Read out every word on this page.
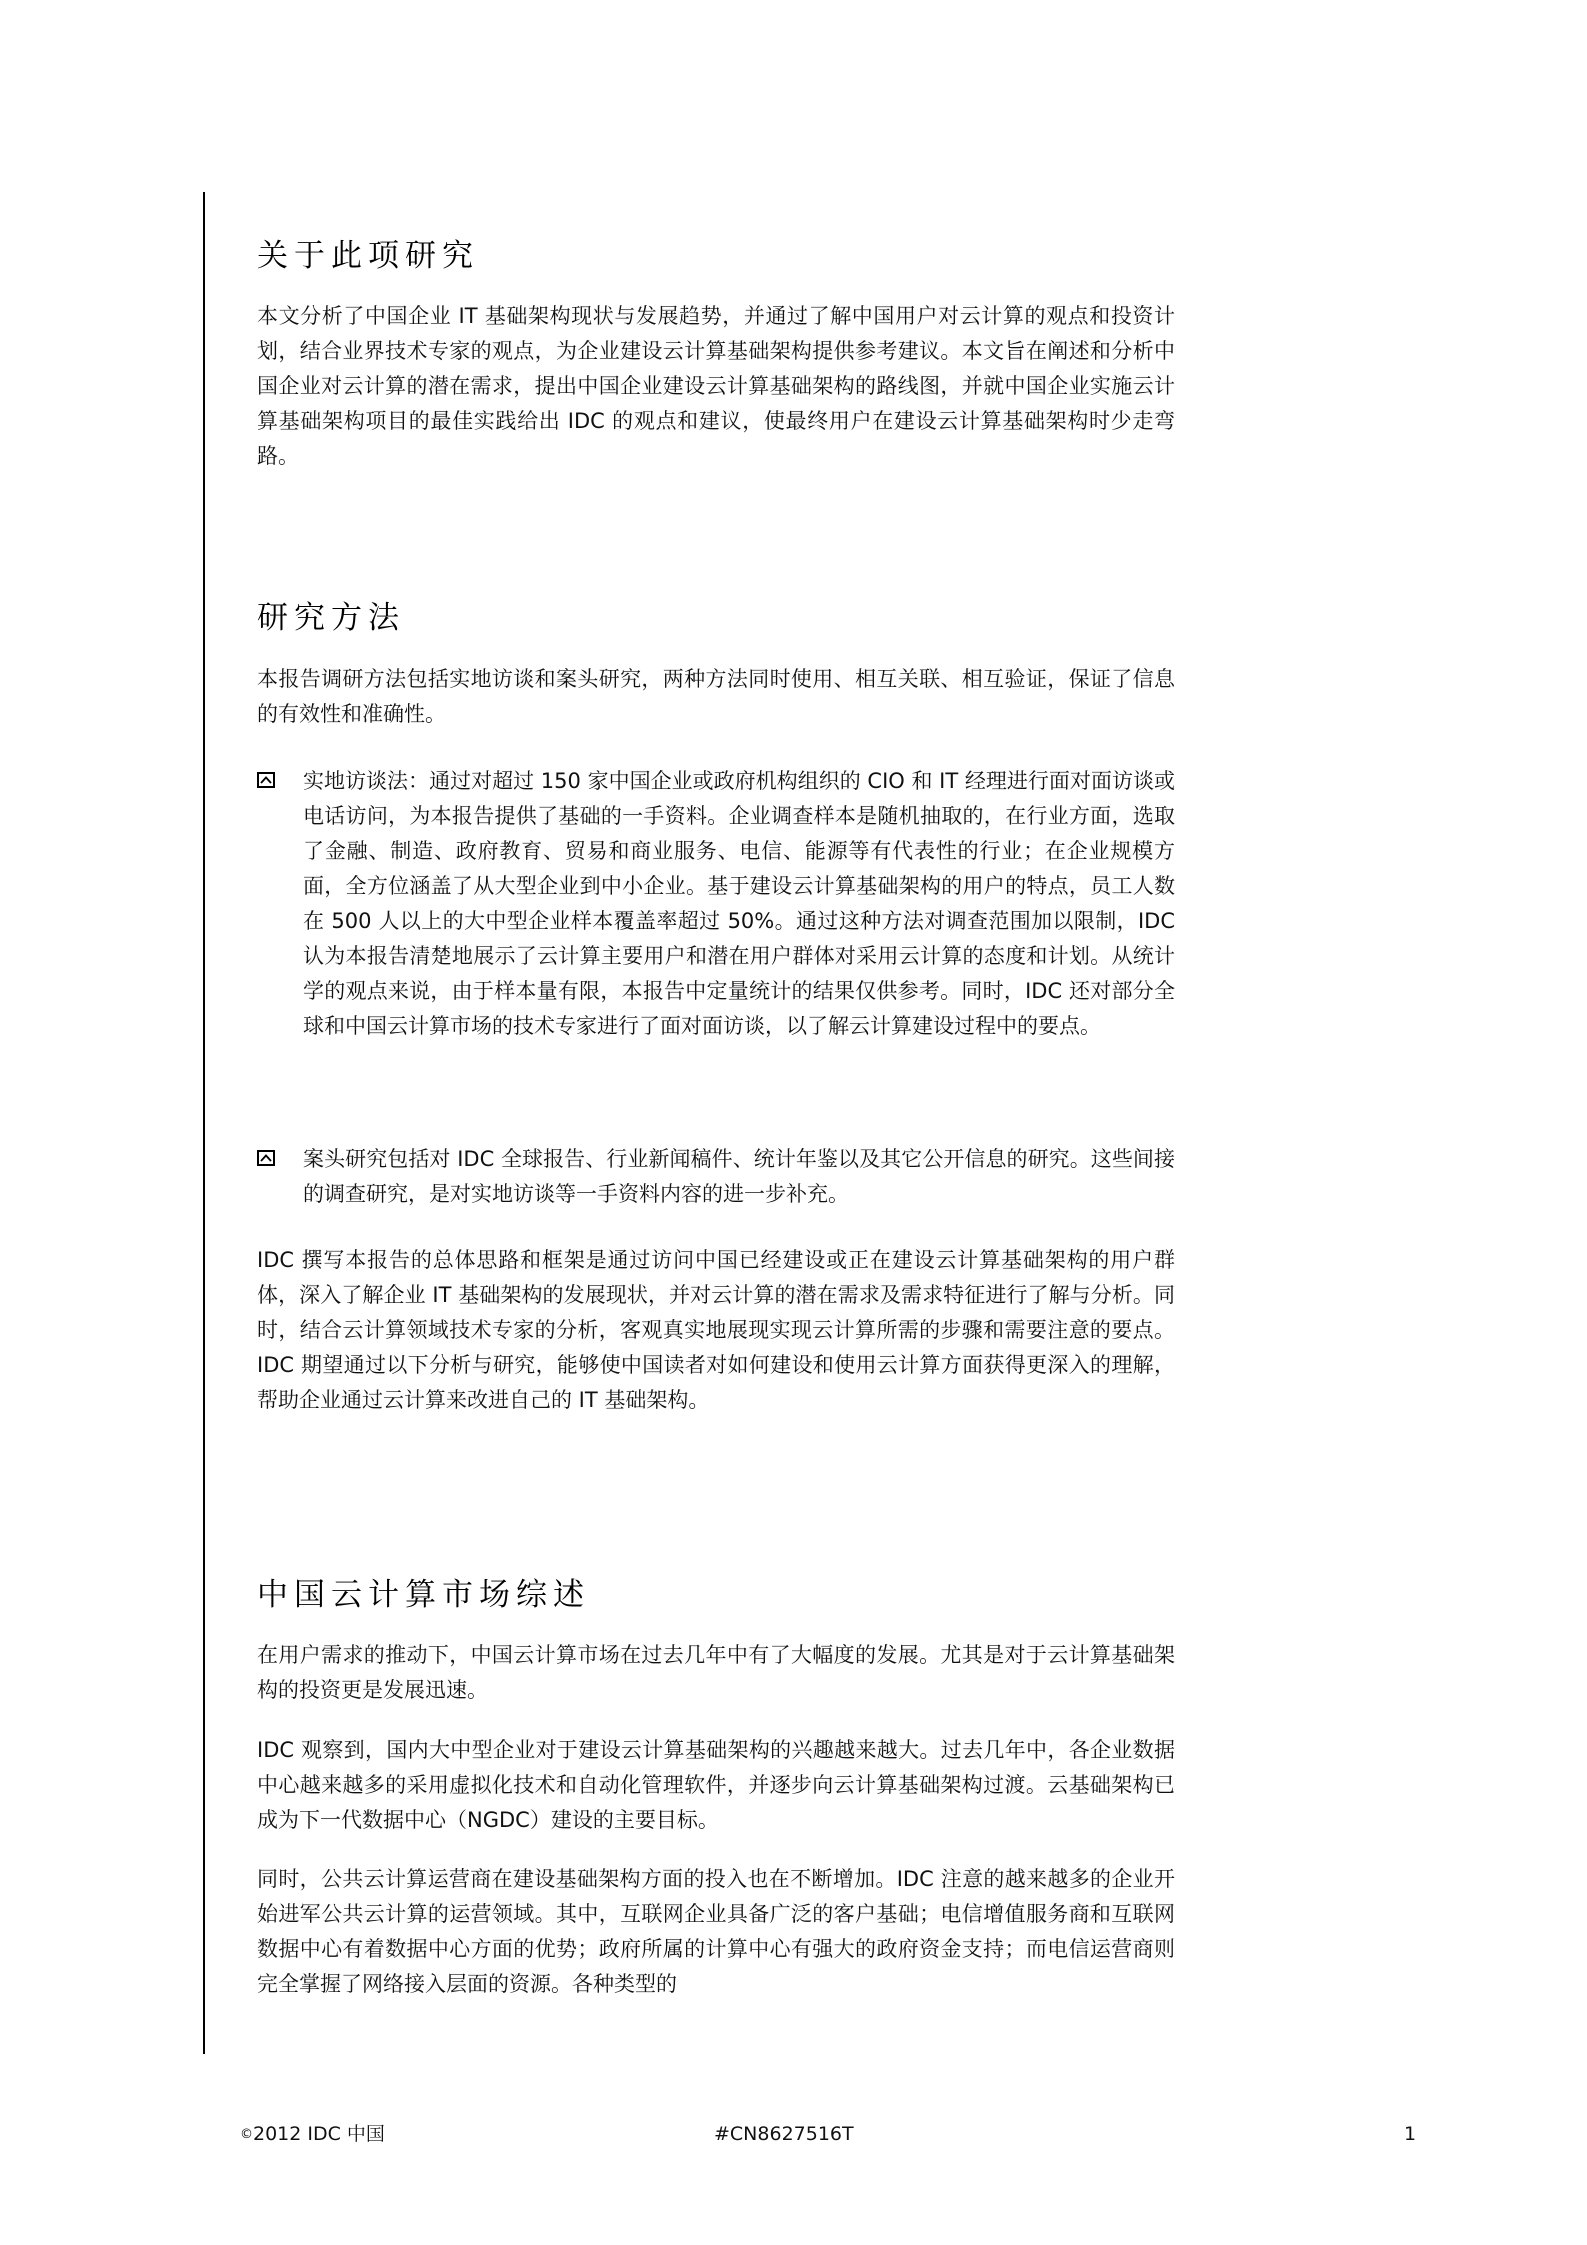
关于此项研究

本文分析了中国企业 IT 基础架构现状与发展趋势，并通过了解中国用户对云计算的观点和投资计划，结合业界技术专家的观点，为企业建设云计算基础架构提供参考建议。本文旨在阐述和分析中国企业对云计算的潜在需求，提出中国企业建设云计算基础架构的路线图，并就中国企业实施云计算基础架构项目的最佳实践给出 IDC 的观点和建议，使最终用户在建设云计算基础架构时少走弯路。

研究方法

本报告调研方法包括实地访谈和案头研究，两种方法同时使用、相互关联、相互验证，保证了信息的有效性和准确性。

实地访谈法：通过对超过 150 家中国企业或政府机构组织的 CIO 和 IT 经理进行面对面访谈或电话访问，为本报告提供了基础的一手资料。企业调查样本是随机抽取的，在行业方面，选取了金融、制造、政府教育、贸易和商业服务、电信、能源等有代表性的行业；在企业规模方面，全方位涵盖了从大型企业到中小企业。基于建设云计算基础架构的用户的特点，员工人数在 500 人以上的大中型企业样本覆盖率超过 50%。通过这种方法对调查范围加以限制，IDC 认为本报告清楚地展示了云计算主要用户和潜在用户群体对采用云计算的态度和计划。从统计学的观点来说，由于样本量有限，本报告中定量统计的结果仅供参考。同时，IDC 还对部分全球和中国云计算市场的技术专家进行了面对面访谈，以了解云计算建设过程中的要点。

案头研究包括对 IDC 全球报告、行业新闻稿件、统计年鉴以及其它公开信息的研究。这些间接的调查研究，是对实地访谈等一手资料内容的进一步补充。

IDC 撰写本报告的总体思路和框架是通过访问中国已经建设或正在建设云计算基础架构的用户群体，深入了解企业 IT 基础架构的发展现状，并对云计算的潜在需求及需求特征进行了解与分析。同时，结合云计算领域技术专家的分析，客观真实地展现实现云计算所需的步骤和需要注意的要点。IDC 期望通过以下分析与研究，能够使中国读者对如何建设和使用云计算方面获得更深入的理解，帮助企业通过云计算来改进自己的 IT 基础架构。

中国云计算市场综述

在用户需求的推动下，中国云计算市场在过去几年中有了大幅度的发展。尤其是对于云计算基础架构的投资更是发展迅速。

IDC 观察到，国内大中型企业对于建设云计算基础架构的兴趣越来越大。过去几年中，各企业数据中心越来越多的采用虚拟化技术和自动化管理软件，并逐步向云计算基础架构过渡。云基础架构已成为下一代数据中心（NGDC）建设的主要目标。

同时，公共云计算运营商在建设基础架构方面的投入也在不断增加。IDC 注意的越来越多的企业开始进军公共云计算的运营领域。其中，互联网企业具备广泛的客户基础；电信增值服务商和互联网数据中心有着数据中心方面的优势；政府所属的计算中心有强大的政府资金支持；而电信运营商则完全掌握了网络接入层面的资源。各种类型的

©2012 IDC 中国	#CN8627516T	1
